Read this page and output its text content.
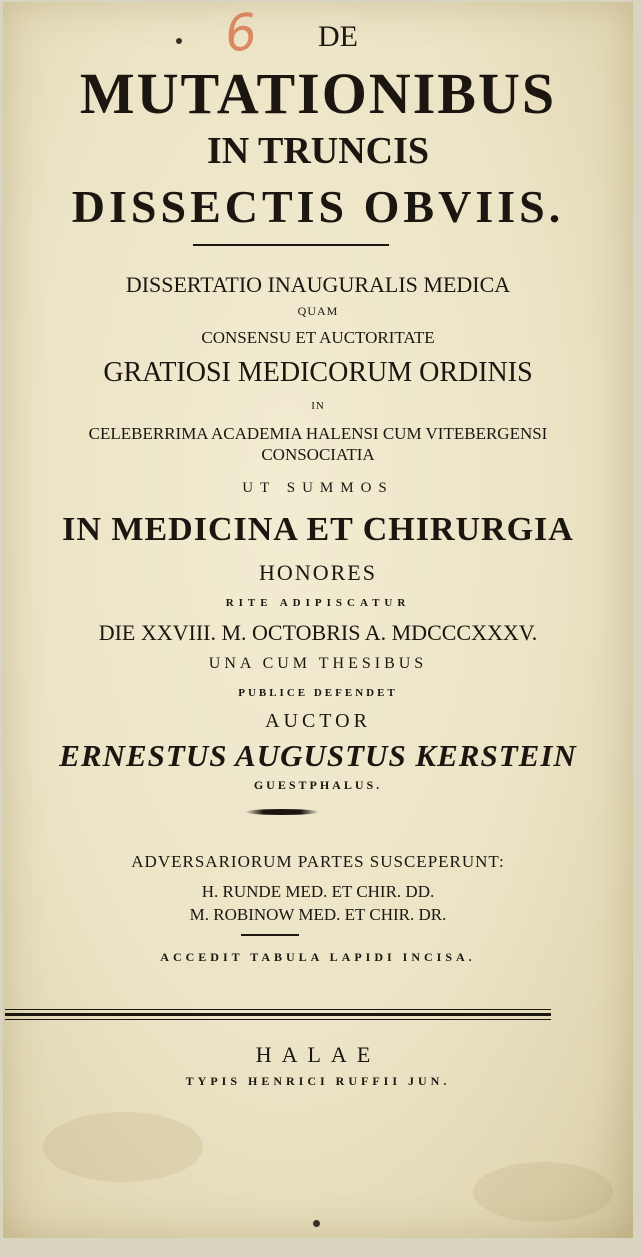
6	DE
MUTATIONIBUS
IN TRUNCIS
DISSECTIS OBVIIS.
DISSERTATIO INAUGURALIS MEDICA
QUAM
CONSENSU ET AUCTORITATE
GRATIOSI MEDICORUM ORDINIS
IN
CELEBERRIMA ACADEMIA HALENSI CUM VITEBERGENSI
CONSOCIATIA
UT SUMMOS
IN MEDICINA ET CHIRURGIA
HONORES
RITE ADIPISCATUR
DIE XXVIII. M. OCTOBRIS A. MDCCCXXXV.
UNA CUM THESIBUS
PUBLICE DEFENDET
AUCTOR
ERNESTUS AUGUSTUS KERSTEIN
GUESTPHALUS.
ADVERSARIORUM PARTES SUSCEPERUNT:
H. RUNDE MED. ET CHIR. DD.
M. ROBINOW MED. ET CHIR. DR.
ACCEDIT TABULA LAPIDI INCISA.
HALAE
TYPIS HENRICI RUFFII JUN.
